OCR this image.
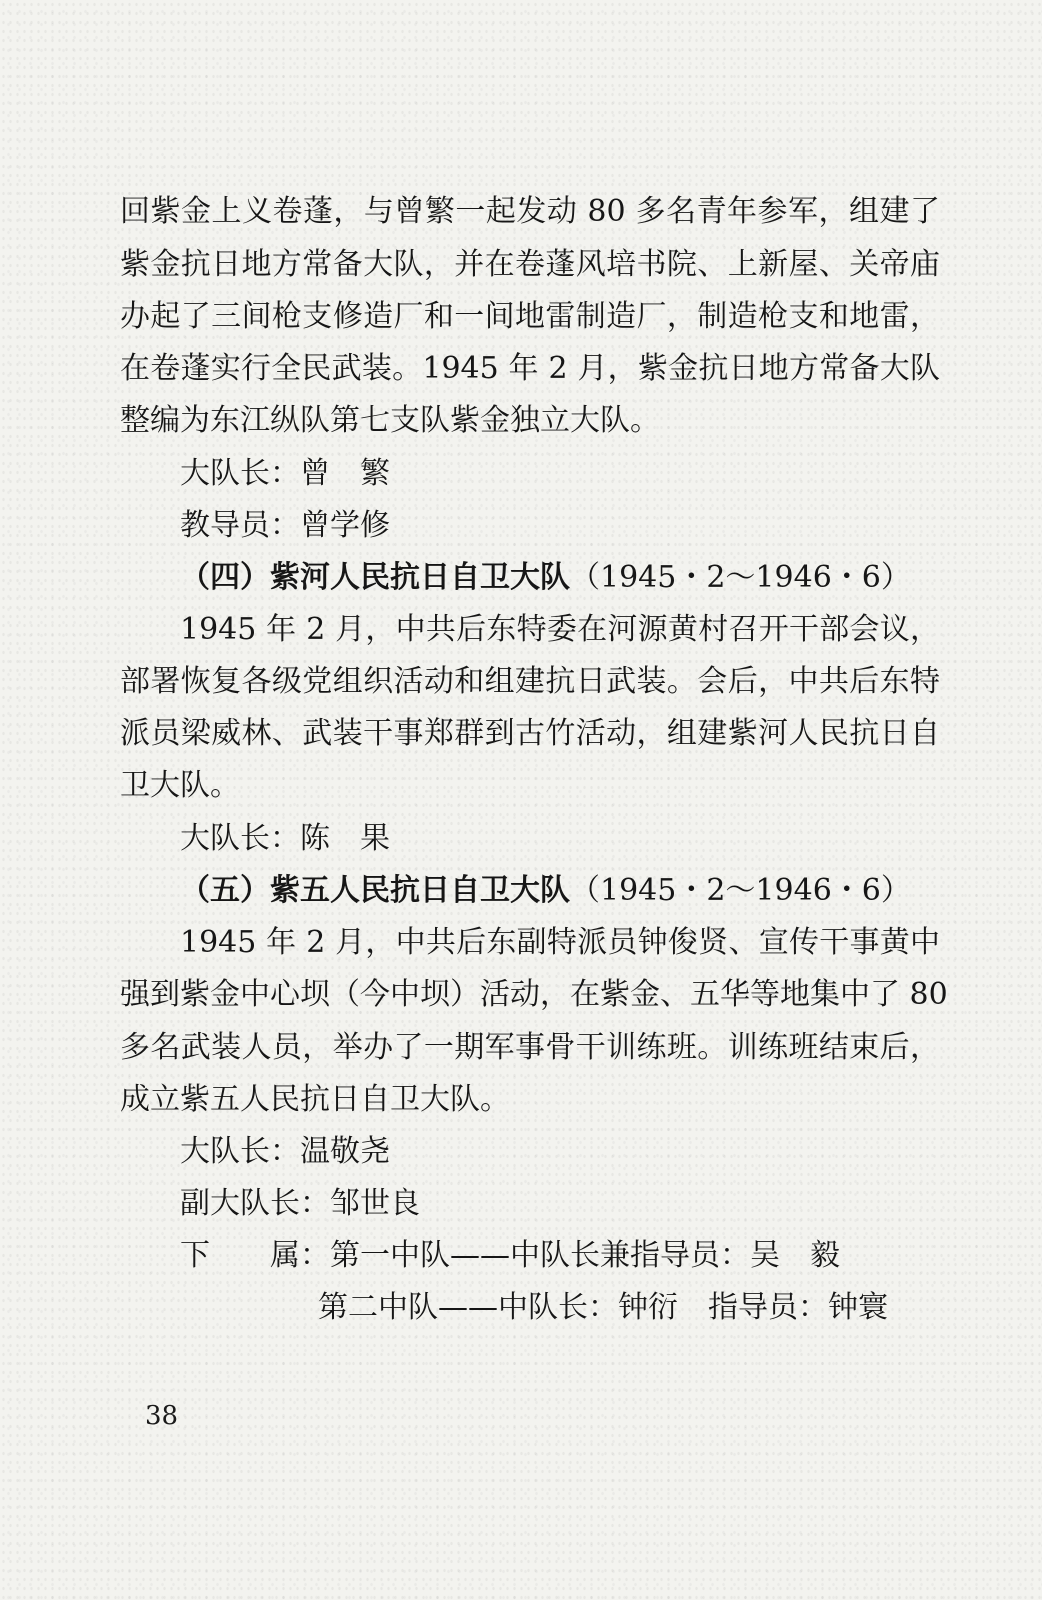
回紫金上义卷蓬，与曾繁一起发动 80 多名青年参军，组建了
紫金抗日地方常备大队，并在卷蓬风培书院、上新屋、关帝庙
办起了三间枪支修造厂和一间地雷制造厂，制造枪支和地雷，
在卷蓬实行全民武装。1945 年 2 月，紫金抗日地方常备大队
整编为东江纵队第七支队紫金独立大队。
大队长：曾　繁
教导员：曾学修
（四）紫河人民抗日自卫大队（1945・2～1946・6）
1945 年 2 月，中共后东特委在河源黄村召开干部会议，
部署恢复各级党组织活动和组建抗日武装。会后，中共后东特
派员梁威林、武装干事郑群到古竹活动，组建紫河人民抗日自
卫大队。
大队长：陈　果
（五）紫五人民抗日自卫大队（1945・2～1946・6）
1945 年 2 月，中共后东副特派员钟俊贤、宣传干事黄中
强到紫金中心坝（今中坝）活动，在紫金、五华等地集中了 80
多名武装人员，举办了一期军事骨干训练班。训练班结束后，
成立紫五人民抗日自卫大队。
大队长：温敬尧
副大队长：邹世良
下　　属：第一中队——中队长兼指导员：吴　毅
第二中队——中队长：钟衍　指导员：钟寰
38
